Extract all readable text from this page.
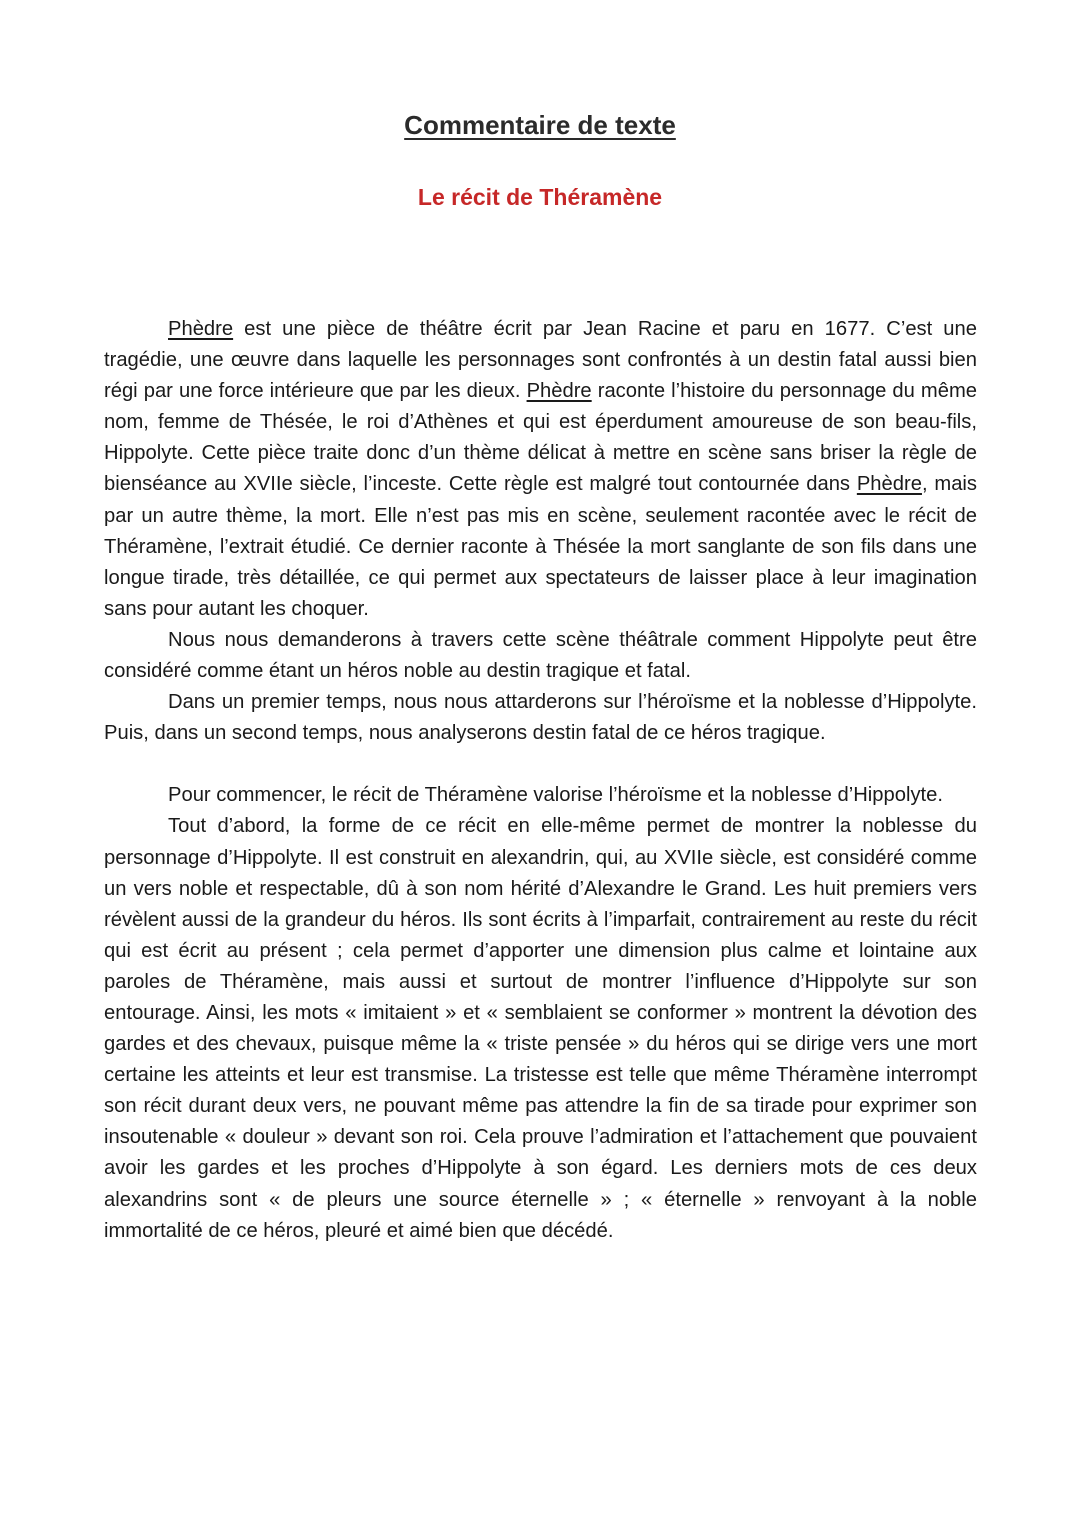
Commentaire de texte
Le récit de Théramène

Phèdre est une pièce de théâtre écrit par Jean Racine et paru en 1677. C’est une tragédie, une œuvre dans laquelle les personnages sont confrontés à un destin fatal aussi bien régi par une force intérieure que par les dieux. Phèdre raconte l’histoire du personnage du même nom, femme de Thésée, le roi d’Athènes et qui est éperdument amoureuse de son beau-fils, Hippolyte. Cette pièce traite donc d’un thème délicat à mettre en scène sans briser la règle de bienséance au XVIIe siècle, l’inceste. Cette règle est malgré tout contournée dans Phèdre, mais par un autre thème, la mort. Elle n’est pas mis en scène, seulement racontée avec le récit de Théramène, l’extrait étudié. Ce dernier raconte à Thésée la mort sanglante de son fils dans une longue tirade, très détaillée, ce qui permet aux spectateurs de laisser place à leur imagination sans pour autant les choquer.

Nous nous demanderons à travers cette scène théâtrale comment Hippolyte peut être considéré comme étant un héros noble au destin tragique et fatal.

Dans un premier temps, nous nous attarderons sur l’héroïsme et la noblesse d’Hippolyte. Puis, dans un second temps, nous analyserons destin fatal de ce héros tragique.

Pour commencer, le récit de Théramène valorise l’héroïsme et la noblesse d’Hippolyte.

Tout d’abord, la forme de ce récit en elle-même permet de montrer la noblesse du personnage d’Hippolyte. Il est construit en alexandrin, qui, au XVIIe siècle, est considéré comme un vers noble et respectable, dû à son nom hérité d’Alexandre le Grand. Les huit premiers vers révèlent aussi de la grandeur du héros. Ils sont écrits à l’imparfait, contrairement au reste du récit qui est écrit au présent ; cela permet d’apporter une dimension plus calme et lointaine aux paroles de Théramène, mais aussi et surtout de montrer l’influence d’Hippolyte sur son entourage. Ainsi, les mots « imitaient » et « semblaient se conformer » montrent la dévotion des gardes et des chevaux, puisque même la « triste pensée » du héros qui se dirige vers une mort certaine les atteints et leur est transmise. La tristesse est telle que même Théramène interrompt son récit durant deux vers, ne pouvant même pas attendre la fin de sa tirade pour exprimer son insoutenable « douleur » devant son roi. Cela prouve l’admiration et l’attachement que pouvaient avoir les gardes et les proches d’Hippolyte à son égard. Les derniers mots de ces deux alexandrins sont « de pleurs une source éternelle » ; « éternelle » renvoyant à la noble immortalité de ce héros, pleuré et aimé bien que décédé.
